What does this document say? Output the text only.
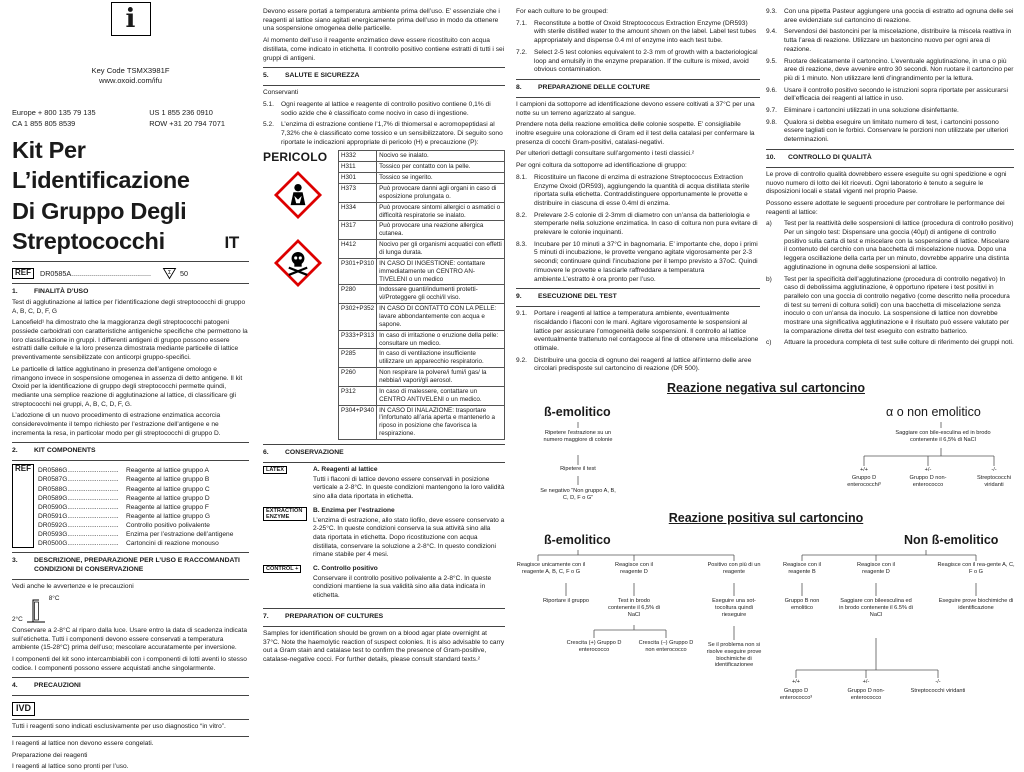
i
Key Code TSMX3981F
www.oxoid.com/ifu
Europe + 800 135 79 135
CA 1 855 805 8539
US 1 855 236 0910
ROW +31 20 794 7071
Kit Per L’identificazione
Di Gruppo Degli
Streptococchi	IT
REF	DR0585A........................................	Σ 50
1.	FINALITÀ D’USO

Test di agglutinazione al lattice per l’identificazione degli streptococchi di gruppo A, B, C, D, F, G

Lancefield¹ ha dimostrato che la maggioranza degli streptococchi patogeni possiede carboidrati con caratteristiche antigeniche specifiche che permettono la loro classificazione in gruppi. I differenti antigeni di gruppo possono essere estratti dalle cellule e la loro presenza dimostrata mediante particelle di lattice preventivamente sensibilizzate con anticorpi gruppo-specifici.

Le particelle di lattice agglutinano in presenza dell’antigene omologo e rimangono invece in sospensione omogenea in assenza di detto antigene. Il kit Oxoid per la identificazione di gruppo degli streptococchi permette quindi, mediante una semplice reazione di agglutinazione al lattice, di classificare gli streptococchi nei gruppi, A, B, C, D, F, G.

L’adozione di un nuovo procedimento di estrazione enzimatica accorcia considerevolmente il tempo richiesto per l’estrazione dell’antigene e ne incrementa la resa, in particolar modo per gli streptococchi di gruppo D.

2.	KIT COMPONENTS
REF	DR0586G............................	Reagente al lattice gruppo A
DR0587G............................	Reagente al lattice gruppo B
DR0588G............................	Reagente al lattice gruppo C
DR0589G............................	Reagente al lattice gruppo D
DR0590G............................	Reagente al lattice gruppo F
DR0591G............................	Reagente al lattice gruppo G
DR0592G............................	Controllo positivo polivalente
DR0593G............................	Enzima per l’estrazione dell’antigene
DR0500G............................	Cartoncini di reazione monouso
3.	DESCRIZIONE, PREPARAZIONE PER L’USO E RACCOMANDATI CONDIZIONI DI CONSERVAZIONE

Vedi anche le avvertenze e le precauzioni

2°C
8°C

Conservare a 2-8°C al riparo dalla luce. Usare entro la data di scadenza indicata sull’etichetta. Tutti i componenti devono essere conservati a temperatura ambiente (15-28°C) prima dell’uso; mescolare accuratamente per inversione.

I componenti del kit sono intercambiabili con i componenti di lotti aventi lo stesso codice. I componenti possono essere acquistati anche singolarmente.

4.	PRECAUZIONI
IVD

Tutti i reagenti sono indicati esclusivamente per uso diagnostico “in vitro”.

I reagenti al lattice non devono essere congelati.

Preparazione dei reagenti

I reagenti al lattice sono pronti per l’uso.

Devono essere portati a temperatura ambiente prima dell’uso. E’ essenziale che i reagenti al lattice siano agitati energicamente prima dell’uso in modo da ottenere una sospensione omogenea delle particelle.

Al momento dell’uso il reagente enzimatico deve essere ricostituito con acqua distillata, come indicato in etichetta. Il controllo positivo contiene estratti di tutti i sei gruppi di antigeni.

5.	SALUTE E SICUREZZA

Conservanti

5.1.	Ogni reagente al lattice e reagente di controllo positivo contiene 0,1% di sodio azide che è classificato come nocivo in caso di ingestione.
5.2.	L’enzima di estrazione contiene l’1,7% di thiomersal e acromopeptidasi al 7,32% che è classificato come tossico e un sensibilizzatore. Di seguito sono riportate le indicazioni appropriate di pericolo (H) e precauzione (P):
PERICOLO	H332	Nocivo se inalato.
H311	Tossico per contatto con la pelle.
H301	Tossico se ingerito.
H373	Può provocare danni agli organi in caso di esposizione prolungata o.
H334	Può provocare sintomi allergici o asmatici o difficoltà respiratorie se inalato.
H317	Può provocare una reazione allergica cutanea.
H412	Nocivo per gli organismi acquatici con effetti di lunga durata.
P301+P310	IN CASO DI INGESTIONE: contattare immediatamente un CENTRO AN-TIVELENI o un medico
P280	Indossare guanti/indumenti protetti-vi/Proteggere gli occhi/il viso.
P302+P352	IN CASO DI CONTATTO CON LA PELLE: lavare abbondantemente con acqua e sapone.
P333+P313	In caso di irritazione o eruzione della pelle: consultare un medico.
P285	In caso di ventilazione insufficiente utilizzare un apparecchio respiratorio.
P260	Non respirare la polvere/i fumi/i gas/ la nebbia/i vapori/gli aerosol.
P312	In caso di malessere, contattare un CENTRO ANTIVELENI o un medico.
P304+P340	IN CASO DI INALAZIONE: trasportare l’infortunato all’aria aperta e mantenerlo a riposo in posizione che favorisca la respirazione.
6.	CONSERVAZIONE
LATEX	A. Reagenti al lattice

Tutti i flaconi di lattice devono essere conservati in posizione verticale a 2-8°C. In queste condizioni mantengono la loro validità sino alla data riportata in etichetta.

EXTRACTION ENZYME
B. Enzima per l’estrazione

L’enzima di estrazione, allo stato liofilo, deve essere conservato a 2-25°C. In queste condizioni conserva la sua attività sino alla data riportata in etichetta. Dopo ricostituzione con acqua distillata, conservare la soluzione a 2-8°C. In questo condizioni rimane stabile per 4 mesi.

CONTROL +	C. Controllo positivo

Conservare il controllo positivo polivalente a 2-8°C. In queste condizioni mantiene la sua validità sino alla data indicata in etichetta.

7.	PREPARATION OF CULTURES

Samples for identification should be grown on a blood agar plate overnight at 37°C. Note the haemolytic reaction of suspect colonies. It is also advisable to carry out a Gram stain and catalase test to confirm the presence of Gram-positive, catalase-negative cocci. For further details, please consult standard texts.²

For each culture to be grouped:

7.1.	Reconstitute a bottle of Oxoid Streptococcus Extraction Enzyme (DR593) with sterile distilled water to the amount shown on the label. Label test tubes appropriately and dispense 0.4 ml of enzyme into each test tube.
7.2.	Select 2-5 test colonies equivalent to 2-3 mm of growth with a bacteriological loop and emulsify in the enzyme preparation. If the culture is mixed, avoid obvious contamination.
8.	PREPARAZIONE DELLE COLTURE

I campioni da sottoporre ad identificazione devono essere coltivati a 37°C per una notte su un terreno agarizzato al sangue.

Prendere nota della reazione emolitica delle colonie sospette. E’ consigliabile inoltre eseguire una colorazione di Gram ed il test della catalasi per confermare la presenza di cocchi Gram-positivi, catalasi-negativi.

Per ulteriori dettagli consultare sull’argomento i testi classici.²

Per ogni coltura da sottoporre ad identificazione di gruppo:

8.1.	Ricostituire un flacone di enzima di estrazione Streptococcus Extraction Enzyme Oxoid (DR593), aggiungendo la quantità di acqua distillata sterile riportata sulla etichetta. Contraddistinguere opportunamente le provette e distribuire in ciascuna di esse 0.4ml di enzima.
8.2.	Prelevare 2-5 colonie di 2-3mm di diametro con un’ansa da batteriologia e stemperarle nella soluzione enzimatica. In caso di coltura non pura evitare di prelevare le colonie inquinanti.
8.3.	Incubare per 10 minuti a 37°C in bagnomaria. E’ importante che, dopo i primi 5 minuti di incubazione, le provette vengano agitate vigorosamente per 2-3 secondi; continuare quindi l’incubazione per il tempo previsto a 37oC. Quindi rimuovere le provette e lasciarle raffreddare a temperatura ambiente.L’estratto è ora pronto per l’uso.
9.	ESECUZIONE DEL TEST
9.1.	Portare i reagenti al lattice a temperatura ambiente, eventualmente riscaldando i flaconi con le mani. Agitare vigorosamente le sospensioni al lattice per assicurare l’omogeneità delle sospensioni. Il controllo al lattice eventualmente trattenuto nel contagocce al fine di ottenere una miscelazione ottimale.
9.2.	Distribuire una goccia di ognuno dei reagenti al lattice all’interno delle aree circolari predisposte sul cartoncino di reazione (DR 500).
9.3.	Con una pipetta Pasteur aggiungere una goccia di estratto ad ognuna delle sei aree evidenziate sul cartoncino di reazione.
9.4.	Servendosi dei bastoncini per la miscelazione, distribuire la miscela reattiva in tutta l’area di reazione. Utilizzare un bastoncino nuovo per ogni area di reazione.
9.5.	Ruotare delicatamente il cartoncino. L’eventuale agglutinazione, in una o più aree di reazione, deve avvenire entro 30 secondi. Non ruotare il cartoncino per più di 1 minuto. Non utilizzare lenti d’ingrandimento per la lettura.
9.6.	Usare il controllo positivo secondo le istruzioni sopra riportate per assicurarsi dell’efficacia dei reagenti al lattice in uso.
9.7.	Eliminare i cartoncini utilizzati in una soluzione disinfettante.
9.8.	Qualora si debba eseguire un limitato numero di test, i cartoncini possono essere tagliati con le forbici. Conservare le porzioni non utilizzate per ulteriori determinazioni.
10.	CONTROLLO DI QUALITÀ

Le prove di controllo qualità dovrebbero essere eseguite su ogni spedizione e ogni nuovo numero di lotto dei kit ricevuti. Ogni laboratorio è tenuto a seguire le disposizioni locali e statali vigenti nel proprio Paese.

Possono essere adottate le seguenti procedure per controllare le performance dei reagenti al lattice:

a)	Test per la reattività delle sospensioni di lattice (procedura di controllo positivo) Per un singolo test: Dispensare una goccia (40µl) di antigene di controllo positivo sulla carta di test e miscelare con la sospensione di lattice. Miscelare il contenuto del cerchio con una bacchetta di miscelazione nuova. Dopo una leggera oscillazione della carta per un minuto, dovrebbe apparire una distinta agglutinazione in ognuna delle sospensioni al lattice.
b)	Test per la specificità dell’agglutinazione (procedura di controllo negativo) In caso di debolissima agglutinazione, è opportuno ripetere i test positivi in parallelo con una goccia di controllo negativo (come descritto nella procedura di test su terreni di coltura solidi) con una bacchetta di miscelazione senza inoculo o con un’ansa da inoculo. La sospensione di lattice non dovrebbe mostrare una significativa agglutinazione e il risultato può essere valutato per la comparazione diretta del test eseguito con estratto batterico.
c)	Attuare la procedura completa di test sulle colture di riferimento dei gruppi noti.
Reazione negativa sul cartoncino
ß-emolitico	α o non emolitico
Ripetere l’estrazione su un numero maggiore di colonie
Ripetere il test
Se negativo “Non gruppo A, B, C, D, F o G”
Saggiare con bile-esculina ed in brodo contenente il 6,5% di NaCl
+/+
Gruppo D enterococchi³
+/-
Gruppo D non-enterococco
-/-
Streptococchi viridanti
Reazione positiva sul cartoncino
ß-emolitico	Non ß-emolitico
Reagisce unicamente con il reagente A, B, C, F o G
Reagisce con il reagente D
Positivo con più di un reagente
Reagisce con il reagente B
Reagisce con il reagente D
Reagisce con il rea-gente A, C, F o G
Riportare il gruppo	Test in brodo contenente il 6,5% di NaCl
Eseguire una sot-tocoltura quindi rieseguire
Gruppo B non emolitico
Saggiare con bileesculina ed in brodo contenente il 6.5% di NaCl
Eseguire prove biochimiche di identificazione
Crescita (+) Gruppo D enterococco
Crescita (–) Gruppo D non enterococco
Se il problema non si risolve eseguire prove biochimiche di identificazionee
+/+
Gruppo D enterococco³
+/-
Gruppo D non-enterococco
-/-
Streptococchi viridanti
